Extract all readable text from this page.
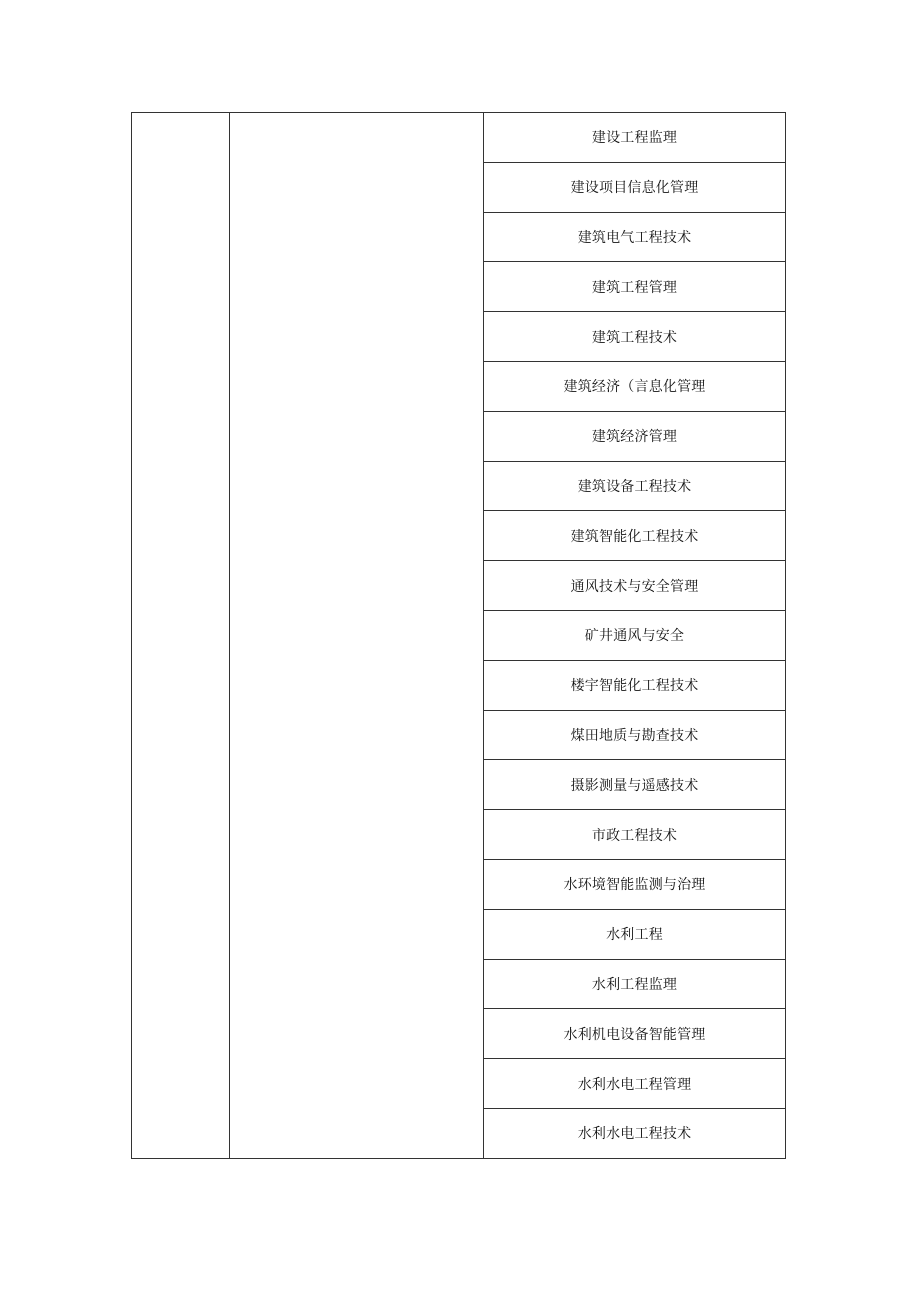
		建设工程监理
建设项目信息化管理
建筑电气工程技术
建筑工程管理
建筑工程技术
建筑经济（言息化管理
建筑经济管理
建筑设备工程技术
建筑智能化工程技术
通风技术与安全管理
矿井通风与安全
楼宇智能化工程技术
煤田地质与勘查技术
摄影测量与遥感技术
市政工程技术
水环境智能监测与治理
水利工程
水利工程监理
水利机电设备智能管理
水利水电工程管理
水利水电工程技术
